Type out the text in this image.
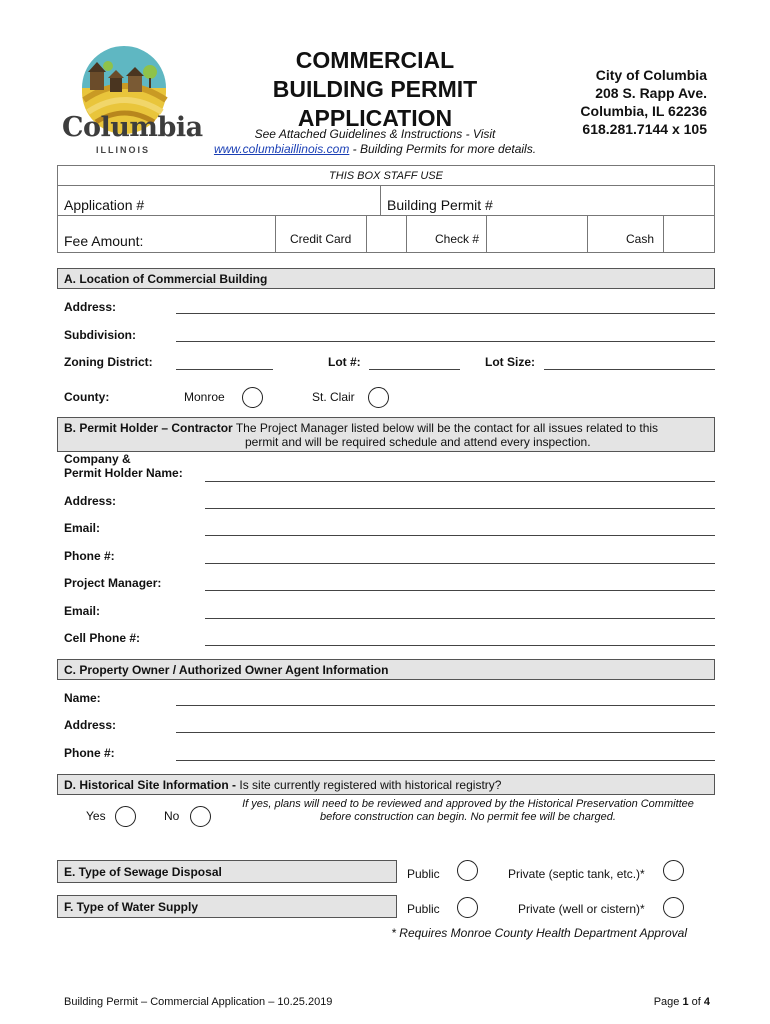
Columbia
ILLINOIS
COMMERCIAL
BUILDING PERMIT
APPLICATION
See Attached Guidelines & Instructions - Visit
www.columbiaillinois.com - Building Permits for more details.
City of Columbia
208 S. Rapp Ave.
Columbia, IL 62236
618.281.7144 x 105
THIS BOX STAFF USE
Application #	Building Permit #
Fee Amount:	Credit Card	Check #	Cash
A. Location of Commercial Building
Address:
Subdivision:
Zoning District:	Lot #:	Lot Size:
County:	Monroe	St. Clair
B. Permit Holder – Contractor The Project Manager listed below will be the contact for all issues related to this
permit and will be required schedule and attend every inspection.
Company &
Permit Holder Name:
Address:
Email:
Phone #:
Project Manager:
Email:
Cell Phone #:
C. Property Owner / Authorized Owner Agent Information
Name:
Address:
Phone #:
D. Historical Site Information - Is site currently registered with historical registry?
Yes	No
If yes, plans will need to be reviewed and approved by the Historical Preservation Committee
before construction can begin. No permit fee will be charged.
E. Type of Sewage Disposal	Public	Private (septic tank, etc.)*
F. Type of Water Supply	Public	Private (well or cistern)*
* Requires Monroe County Health Department Approval
Building Permit – Commercial Application – 10.25.2019	Page 1 of 4
